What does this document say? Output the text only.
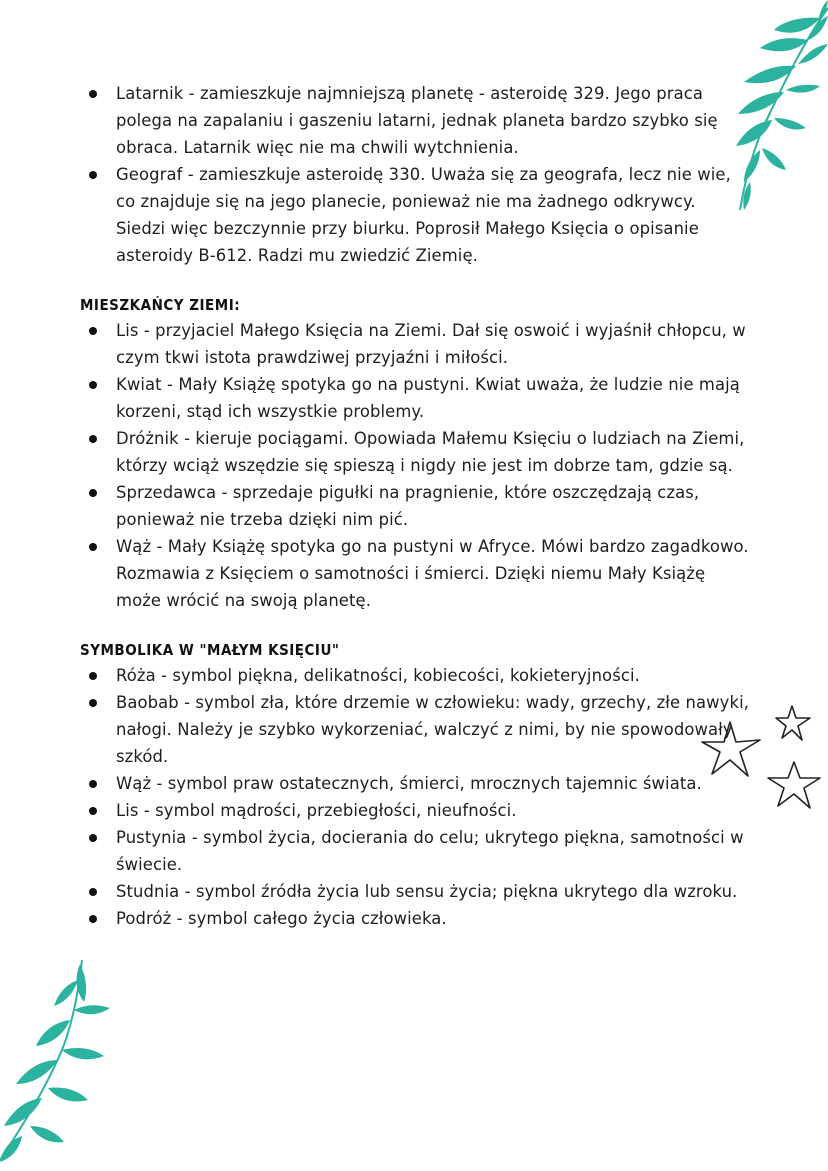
Latarnik - zamieszkuje najmniejszą planetę - asteroidę 329. Jego praca polega na zapalaniu i gaszeniu latarni, jednak planeta bardzo szybko się obraca. Latarnik więc nie ma chwili wytchnienia.
Geograf - zamieszkuje asteroidę 330. Uważa się za geografa, lecz nie wie, co znajduje się na jego planecie, ponieważ nie ma żadnego odkrywcy. Siedzi więc bezczynnie przy biurku. Poprosił Małego Księcia o opisanie asteroidy B-612. Radzi mu zwiedzić Ziemię.
MIESZKAŃCY ZIEMI:
Lis - przyjaciel Małego Księcia na Ziemi. Dał się oswoić i wyjaśnił chłopcu, w czym tkwi istota prawdziwej przyjaźni i miłości.
Kwiat - Mały Książę spotyka go na pustyni. Kwiat uważa, że ludzie nie mają korzeni, stąd ich wszystkie problemy.
Dróżnik - kieruje pociągami. Opowiada Małemu Księciu o ludziach na Ziemi, którzy wciąż wszędzie się spieszą i nigdy nie jest im dobrze tam, gdzie są.
Sprzedawca - sprzedaje pigułki na pragnienie, które oszczędzają czas, ponieważ nie trzeba dzięki nim pić.
Wąż - Mały Książę spotyka go na pustyni w Afryce. Mówi bardzo zagadkowo. Rozmawia z Księciem o samotności i śmierci. Dzięki niemu Mały Książę może wrócić na swoją planetę.
SYMBOLIKA W "MAŁYM KSIĘCIU"
Róża - symbol piękna, delikatności, kobiecości, kokieteryjności.
Baobab - symbol zła, które drzemie w człowieku: wady, grzechy, złe nawyki, nałogi. Należy je szybko wykorzeniać, walczyć z nimi, by nie spowodowały szkód.
Wąż - symbol praw ostatecznych, śmierci, mrocznych tajemnic świata.
Lis - symbol mądrości, przebiegłości, nieufności.
Pustynia - symbol życia, docierania do celu; ukrytego piękna, samotności w świecie.
Studnia - symbol źródła życia lub sensu życia; piękna ukrytego dla wzroku.
Podróż - symbol całego życia człowieka.
